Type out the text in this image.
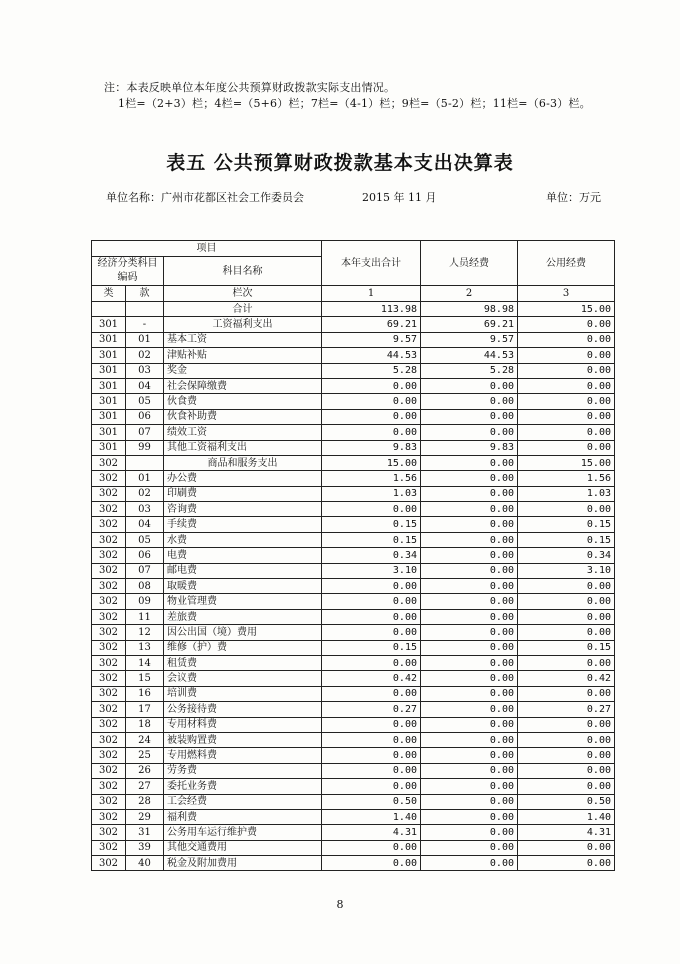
注：本表反映单位本年度公共预算财政拨款实际支出情况。
1栏=（2+3）栏；4栏=（5+6）栏；7栏=（4-1）栏；9栏=（5-2）栏；11栏=（6-3）栏。
表五 公共预算财政拨款基本支出决算表
单位名称：广州市花都区社会工作委员会	2015 年 11 月	单位：万元
项目			本年支出合计	人员经费	公用经费
经济分类科目编码		科目名称			

类	款	栏次	1	2	3
		合计	113.98	98.98	15.00
301	-	工资福利支出	69.21	69.21	0.00
301	01	基本工资	9.57	9.57	0.00
301	02	津贴补贴	44.53	44.53	0.00
301	03	奖金	5.28	5.28	0.00
301	04	社会保障缴费	0.00	0.00	0.00
301	05	伙食费	0.00	0.00	0.00
301	06	伙食补助费	0.00	0.00	0.00
301	07	绩效工资	0.00	0.00	0.00
301	99	其他工资福利支出	9.83	9.83	0.00
302		商品和服务支出	15.00	0.00	15.00
302	01	办公费	1.56	0.00	1.56
302	02	印刷费	1.03	0.00	1.03
302	03	咨询费	0.00	0.00	0.00
302	04	手续费	0.15	0.00	0.15
302	05	水费	0.15	0.00	0.15
302	06	电费	0.34	0.00	0.34
302	07	邮电费	3.10	0.00	3.10
302	08	取暖费	0.00	0.00	0.00
302	09	物业管理费	0.00	0.00	0.00
302	11	差旅费	0.00	0.00	0.00
302	12	因公出国（境）费用	0.00	0.00	0.00
302	13	维修（护）费	0.15	0.00	0.15
302	14	租赁费	0.00	0.00	0.00
302	15	会议费	0.42	0.00	0.42
302	16	培训费	0.00	0.00	0.00
302	17	公务接待费	0.27	0.00	0.27
302	18	专用材料费	0.00	0.00	0.00
302	24	被装购置费	0.00	0.00	0.00
302	25	专用燃料费	0.00	0.00	0.00
302	26	劳务费	0.00	0.00	0.00
302	27	委托业务费	0.00	0.00	0.00
302	28	工会经费	0.50	0.00	0.50
302	29	福利费	1.40	0.00	1.40
302	31	公务用车运行维护费	4.31	0.00	4.31
302	39	其他交通费用	0.00	0.00	0.00
302	40	税金及附加费用	0.00	0.00	0.00
8
